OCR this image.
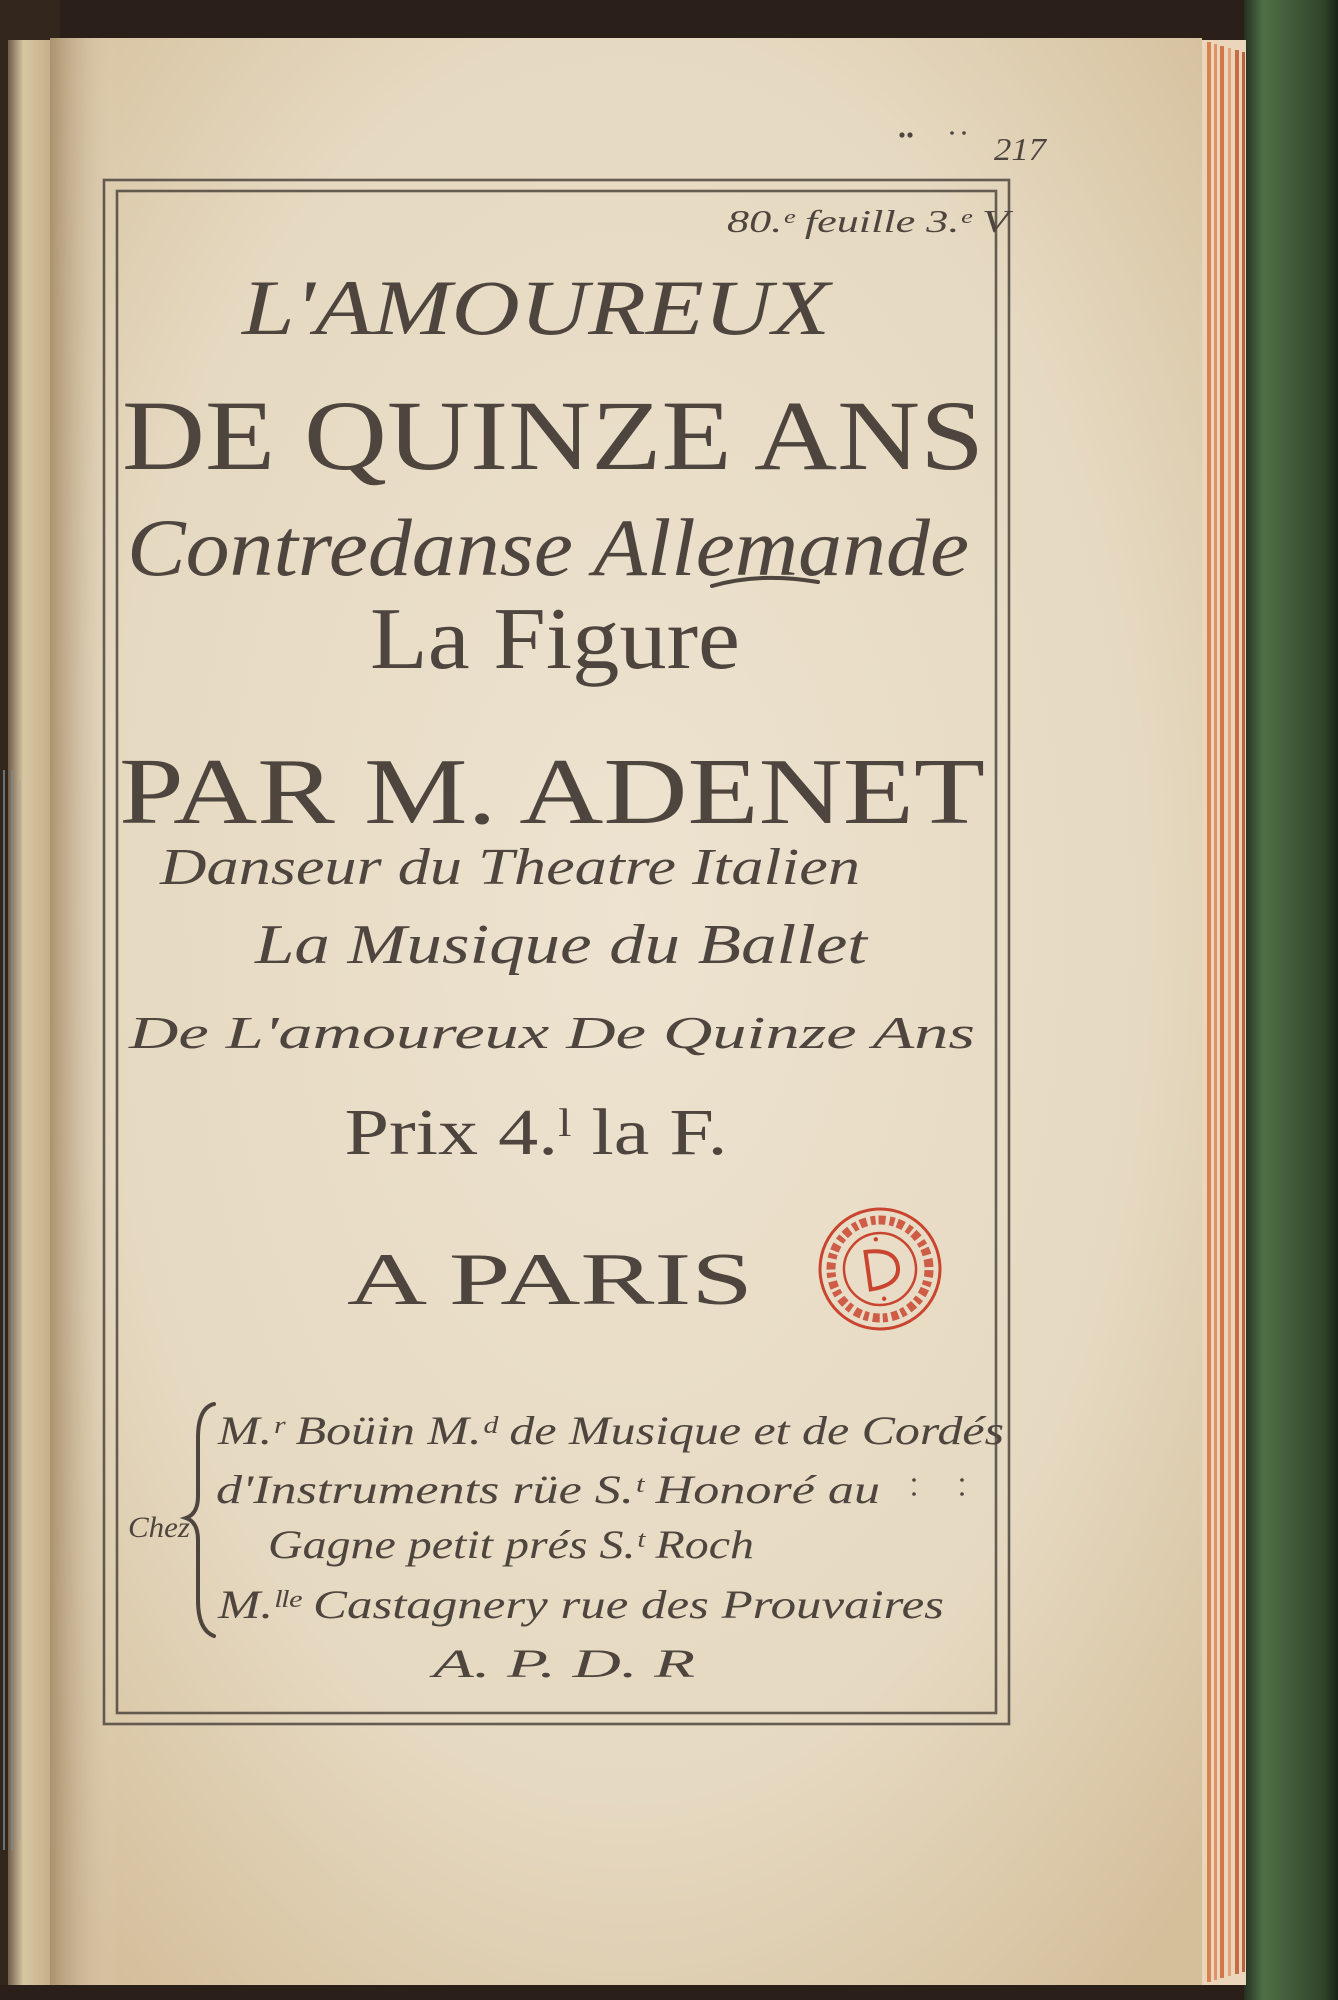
217
80.ᵉ feuille 3.ᵉ V
L'AMOUREUX
DE QUINZE ANS
Contredanse Allemande
La Figure
PAR M. ADENET
Danseur du Theatre Italien
La Musique du Ballet
De L'amoureux De Quinze Ans
Prix 4.ˡ la F.
A PARIS
Chez
M.ʳ Boüin M.ᵈ de Musique et de Cordés
d'Instruments rüe S.ᵗ Honoré au
Gagne petit prés S.ᵗ Roch
M.ˡˡᵉ Castagnery rue des Prouvaires
A. P. D. R
